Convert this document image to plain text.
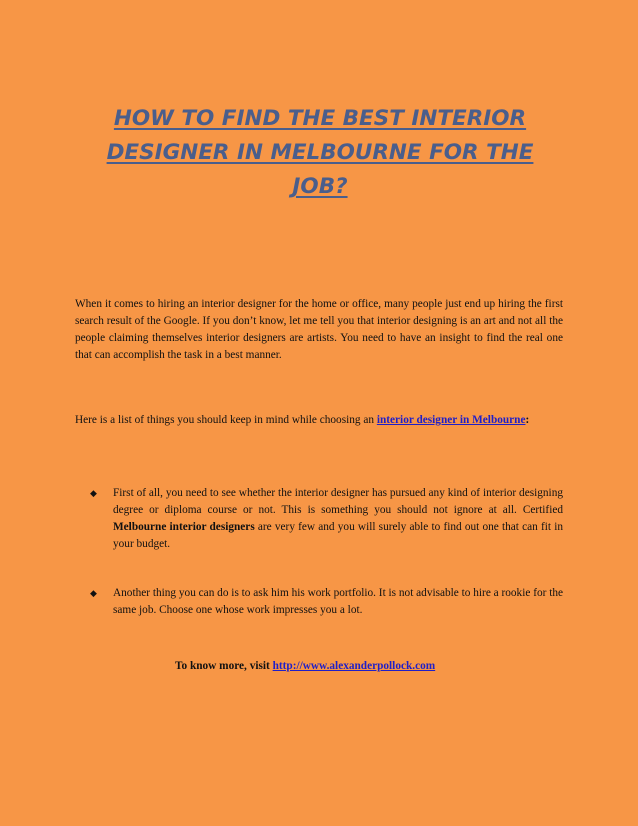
HOW TO FIND THE BEST INTERIOR
DESIGNER IN MELBOURNE FOR THE
JOB?

When it comes to hiring an interior designer for the home or office, many people just end up hiring the first search result of the Google. If you don’t know, let me tell you that interior designing is an art and not all the people claiming themselves interior designers are artists. You need to have an insight to find the real one that can accomplish the task in a best manner.

Here is a list of things you should keep in mind while choosing an interior designer in Melbourne:

◆	First of all, you need to see whether the interior designer has pursued any kind of interior designing degree or diploma course or not. This is something you should not ignore at all. Certified Melbourne interior designers are very few and you will surely able to find out one that can fit in your budget.
◆	Another thing you can do is to ask him his work portfolio. It is not advisable to hire a rookie for the same job. Choose one whose work impresses you a lot.
To know more, visit http://www.alexanderpollock.com
